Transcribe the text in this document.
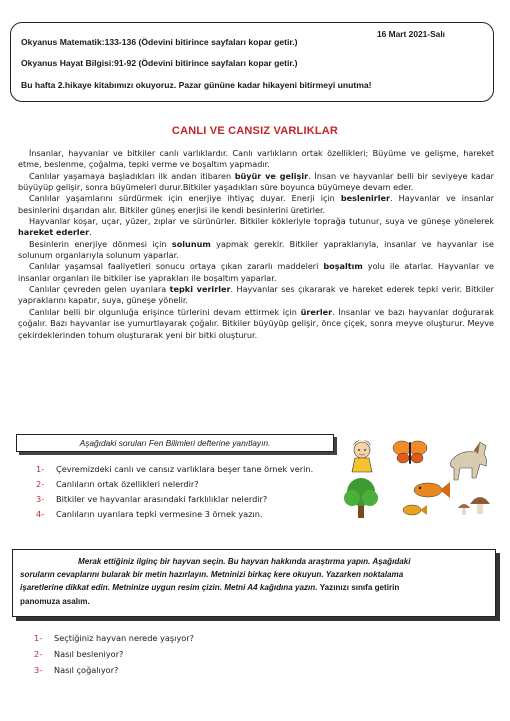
16 Mart 2021-Salı
Okyanus Matematik:133-136 (Ödevini bitirince sayfaları kopar getir.)
Okyanus Hayat Bilgisi:91-92 (Ödevini bitirince sayfaları kopar getir.)
Bu hafta 2.hikaye kitabımızı okuyoruz. Pazar gününe kadar hikayeni bitirmeyi unutma!
CANLI VE CANSIZ VARLIKLAR

İnsanlar, hayvanlar ve bitkiler canlı varlıklardır. Canlı varlıkların ortak özellikleri; Büyüme ve gelişme, hareket etme, beslenme, çoğalma, tepki verme ve boşaltım yapmadır.

Canlılar yaşamaya başladıkları ilk andan itibaren büyür ve gelişir. İnsan ve hayvanlar belli bir seviyeye kadar büyüyüp gelişir, sonra büyümeleri durur.Bitkiler yaşadıkları süre boyunca büyümeye devam eder.

Canlılar yaşamlarını sürdürmek için enerjiye ihtiyaç duyar. Enerji için beslenirler. Hayvanlar ve insanlar besinlerini dışarıdan alır. Bitkiler güneş enerjisi ile kendi besinlerini üretirler.

Hayvanlar koşar, uçar, yüzer, zıplar ve sürünürler. Bitkiler kökleriyle toprağa tutunur, suya ve güneşe yönelerek hareket ederler.

Besinlerin enerjiye dönmesi için solunum yapmak gerekir. Bitkiler yapraklarıyla, insanlar ve hayvanlar ise solunum organlarıyla solunum yaparlar.

Canlılar yaşamsal faaliyetleri sonucu ortaya çıkan zararlı maddeleri boşaltım yolu ile atarlar. Hayvanlar ve insanlar organları ile bitkiler ise yaprakları ile boşaltım yaparlar.

Canlılar çevreden gelen uyarılara tepki verirler. Hayvanlar ses çıkararak ve hareket ederek tepki verir. Bitkiler yapraklarını kapatır, suya, güneşe yönelir.

Canlılar belli bir olgunluğa erişince türlerini devam ettirmek için ürerler. İnsanlar ve bazı hayvanlar doğurarak çoğalır. Bazı hayvanlar ise yumurtlayarak çoğalır. Bitkiler büyüyüp gelişir, önce çiçek, sonra meyve oluşturur. Meyve çekirdeklerinden tohum oluşturarak yeni bir bitki oluşturur.

Aşağıdaki soruları Fen Bilimleri defterine yanıtlayın.
1- Çevremizdeki canlı ve cansız varlıklara beşer tane örnek verin.
2- Canlıların ortak özellikleri nelerdir?
3- Bitkiler ve hayvanlar arasındaki farklılıklar nelerdir?
4- Canlıların uyarılara tepki vermesine 3 örnek yazın.
Merak ettiğiniz ilginç bir hayvan seçin. Bu hayvan hakkında araştırma yapın. Aşağıdaki
soruların cevaplarını bularak bir metin hazırlayın. Metninizi birkaç kere okuyun. Yazarken noktalama
işaretlerine dikkat edin. Metninize uygun resim çizin. Metni A4 kağıdına yazın. Yazınızı sınıfa getirin
panomuza asalım.
1- Seçtiğiniz hayvan nerede yaşıyor?
2- Nasıl besleniyor?
3- Nasıl çoğalıyor?
